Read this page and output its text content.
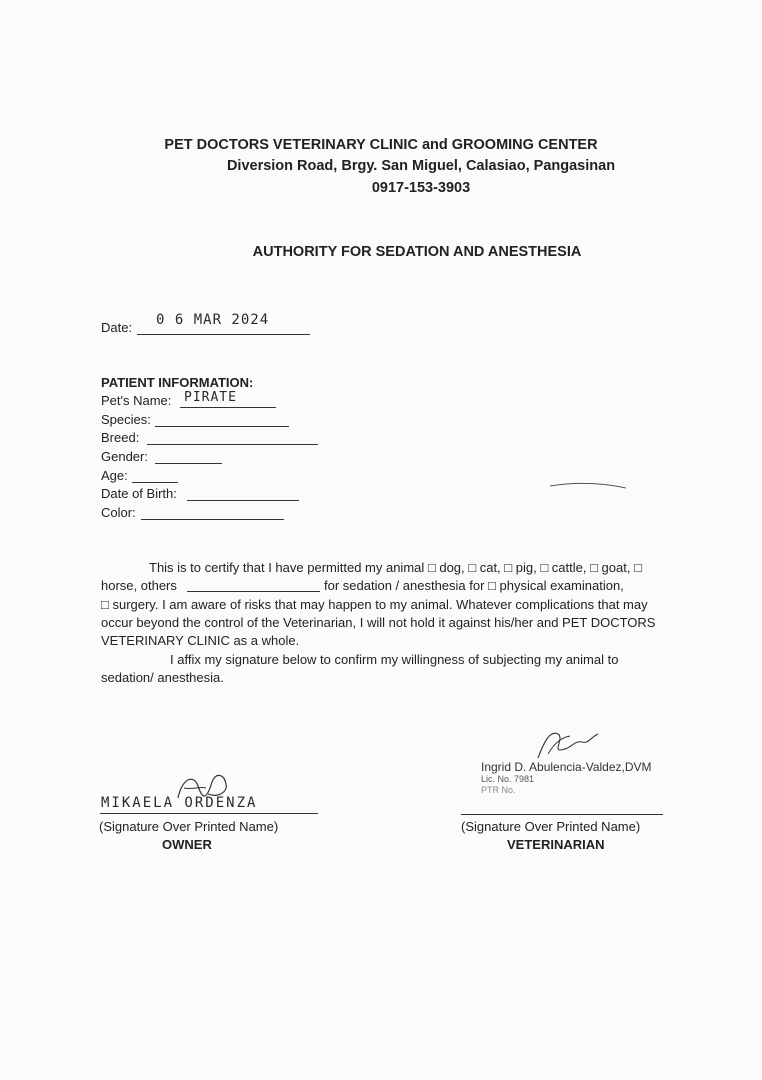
PET DOCTORS VETERINARY CLINIC and GROOMING CENTER
Diversion Road, Brgy. San Miguel, Calasiao, Pangasinan
0917-153-3903
AUTHORITY FOR SEDATION AND ANESTHESIA
Date: 0 6 MAR 2024
PATIENT INFORMATION:
Pet's Name: PIRATE
Species:
Breed:
Gender:
Age:
Date of Birth:
Color:
This is to certify that I have permitted my animal □ dog, □ cat, □ pig, □ cattle, □ goat, □
horse, others	for sedation / anesthesia for □ physical examination,
□ surgery. I am aware of risks that may happen to my animal. Whatever complications that may
occur beyond the control of the Veterinarian, I will not hold it against his/her and PET DOCTORS
VETERINARY CLINIC as a whole.
I affix my signature below to confirm my willingness of subjecting my animal to
sedation/ anesthesia.
MIKAELA ORDENZA
(Signature Over Printed Name)
OWNER
Ingrid D. Abulencia-Valdez,DVM
Lic. No. 7981
PTR No.
(Signature Over Printed Name)
VETERINARIAN
